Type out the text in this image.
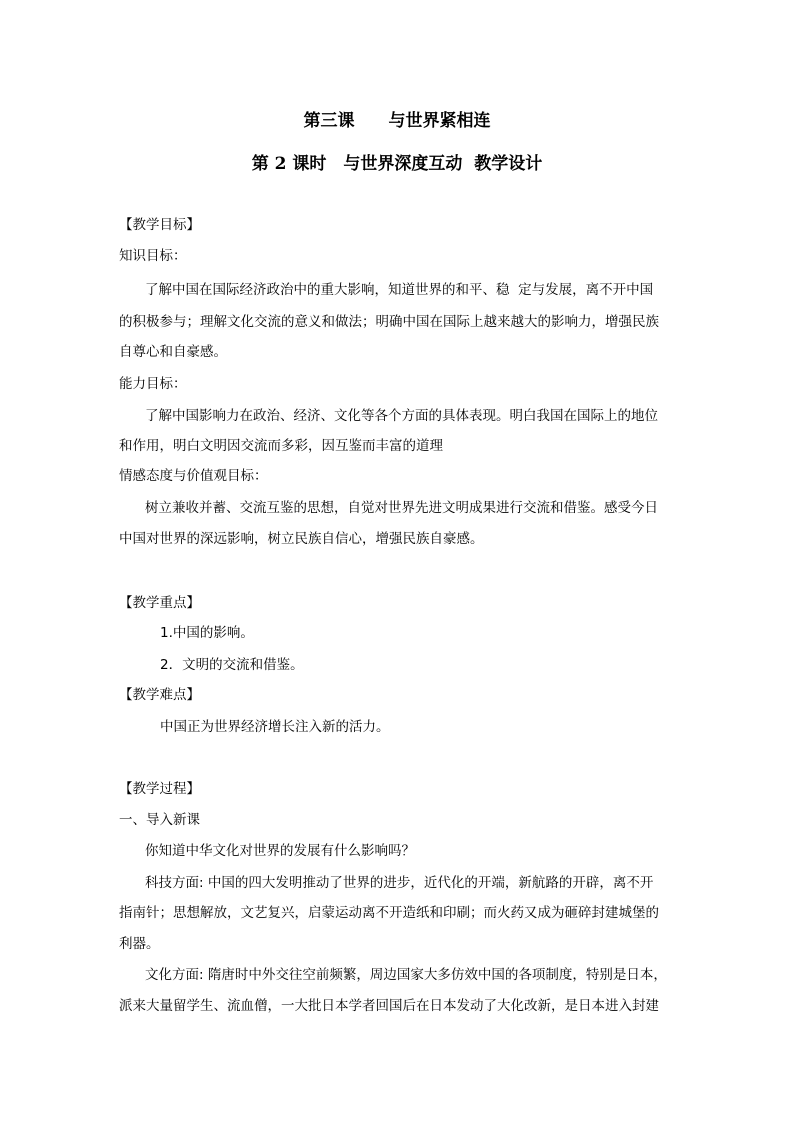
第三课　　与世界紧相连
第 2 课时　与世界深度互动  教学设计
【教学目标】
知识目标：
了解中国在国际经济政治中的重大影响，知道世界的和平、稳  定与发展，离不开中国
的积极参与；理解文化交流的意义和做法；明确中国在国际上越来越大的影响力，增强民族
自尊心和自豪感。
能力目标：
了解中国影响力在政治、经济、文化等各个方面的具体表现。明白我国在国际上的地位
和作用，明白文明因交流而多彩，因互鉴而丰富的道理
情感态度与价值观目标：
树立兼收并蓄、交流互鉴的思想，自觉对世界先进文明成果进行交流和借鉴。感受今日
中国对世界的深远影响，树立民族自信心，增强民族自豪感。
【教学重点】
1.中国的影响。
2．文明的交流和借鉴。
【教学难点】
中国正为世界经济增长注入新的活力。
【教学过程】
一、导入新课
你知道中华文化对世界的发展有什么影响吗？
科技方面: 中国的四大发明推动了世界的进步，近代化的开端，新航路的开辟，离不开
指南针；思想解放，文艺复兴，启蒙运动离不开造纸和印刷；而火药又成为砸碎封建城堡的
利器。
文化方面: 隋唐时中外交往空前频繁，周边国家大多仿效中国的各项制度，特别是日本，
派来大量留学生、流血僧，一大批日本学者回国后在日本发动了大化改新，是日本进入封建
